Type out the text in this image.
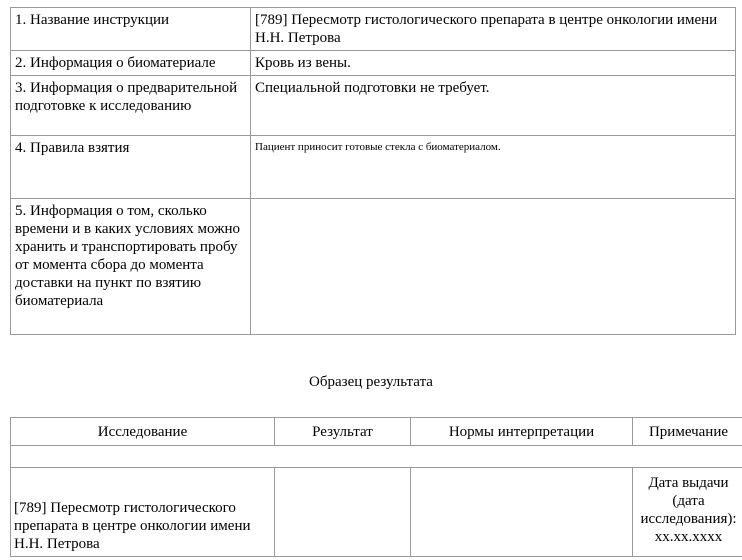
1. Название инструкции	[789] Пересмотр гистологического препарата в центре онкологии имени Н.Н. Петрова
2. Информация о биоматериале	Кровь из вены.
3. Информация о предварительной подготовке к исследованию	Специальной подготовки не требует.
4. Правила взятия	Пациент приносит готовые стекла с биоматериалом.
5. Информация о том, сколько времени и в каких условиях можно хранить и транспортировать пробу от момента сбора до момента доставки на пункт по взятию биоматериала	
Образец результата
Исследование	Результат	Нормы интерпретации	Примечание

[789] Пересмотр гистологического препарата в центре онкологии имени Н.Н. Петрова			Дата выдачи (дата исследования): хх.хх.хххх
